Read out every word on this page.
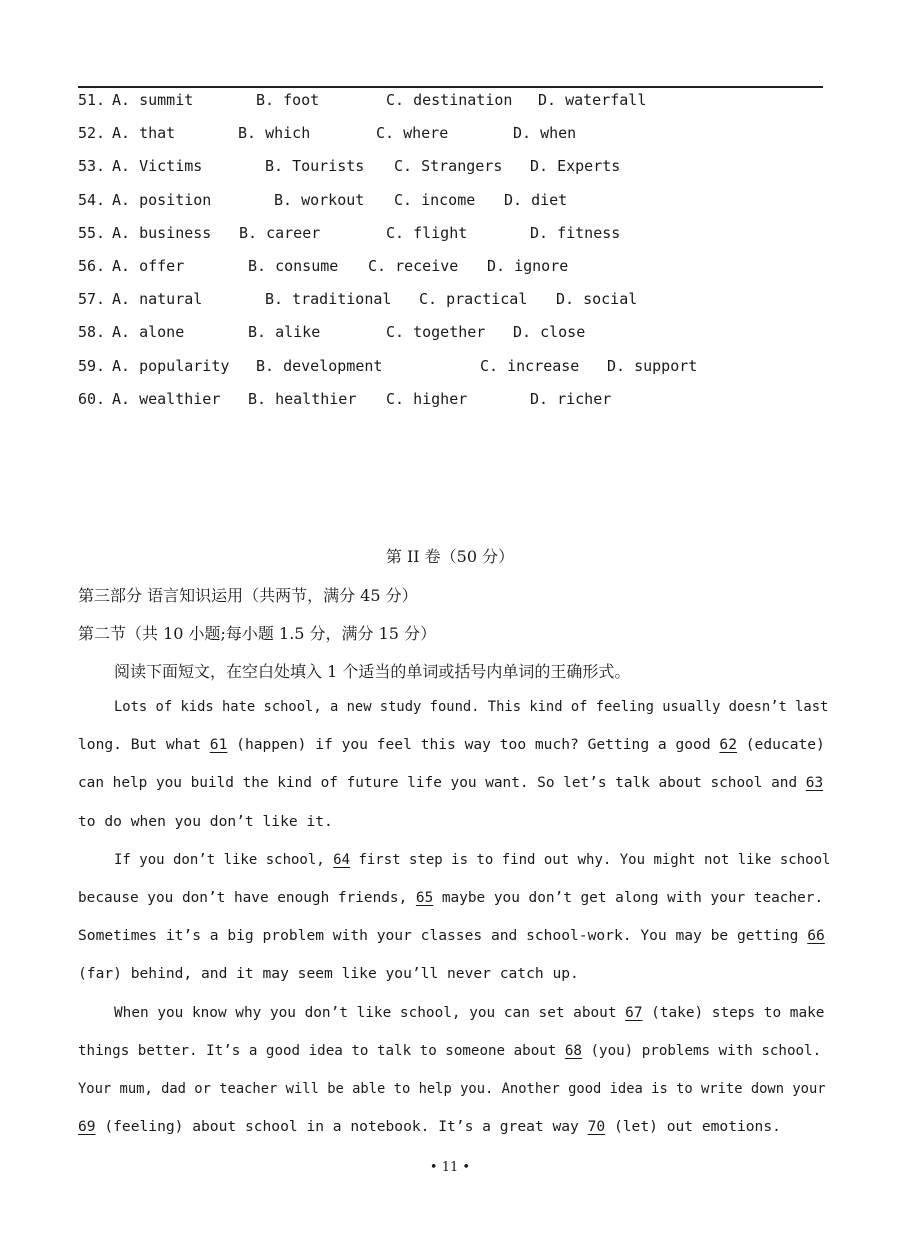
51. A. summit	B. foot	C. destination D. waterfall
52. A. that	B. which	C. where	D. when
53. A. Victims	B. Tourists C. Strangers D. Experts
54. A. position	B. workout C. income D. diet
55. A. business B. career	C. flight	D. fitness
56. A. offer	B. consume C. receive D. ignore
57. A. natural	B. traditional C. practical D. social
58. A. alone	B. alike	C. together D. close
59. A. popularity B. development	C. increase D. support
60. A. wealthier B. healthier C. higher	D. richer
第 II 卷（50 分）
第三部分 语言知识运用（共两节，满分 45 分）
第二节（共 10 小题;每小题 1.5 分，满分 15 分）
阅读下面短文，在空白处填入 1 个适当的单词或括号内单词的王确形式。
Lots of kids hate school, a new study found. This kind of feeling usually doesn’t last
long. But what 61 (happen) if you feel this way too much? Getting a good 62 (educate)
can help you build the kind of future life you want. So let’s talk about school and 63
to do when you don’t like it.
If you don’t like school, 64 first step is to find out why. You might not like school
because you don’t have enough friends, 65 maybe you don’t get along with your teacher.
Sometimes it’s a big problem with your classes and school-work. You may be getting 66
(far) behind, and it may seem like you’ll never catch up.
When you know why you don’t like school, you can set about 67 (take) steps to make
things better. It’s a good idea to talk to someone about 68 (you) problems with school.
Your mum, dad or teacher will be able to help you. Another good idea is to write down your
69 (feeling) about school in a notebook. It’s a great way 70 (let) out emotions.
• 11 •
